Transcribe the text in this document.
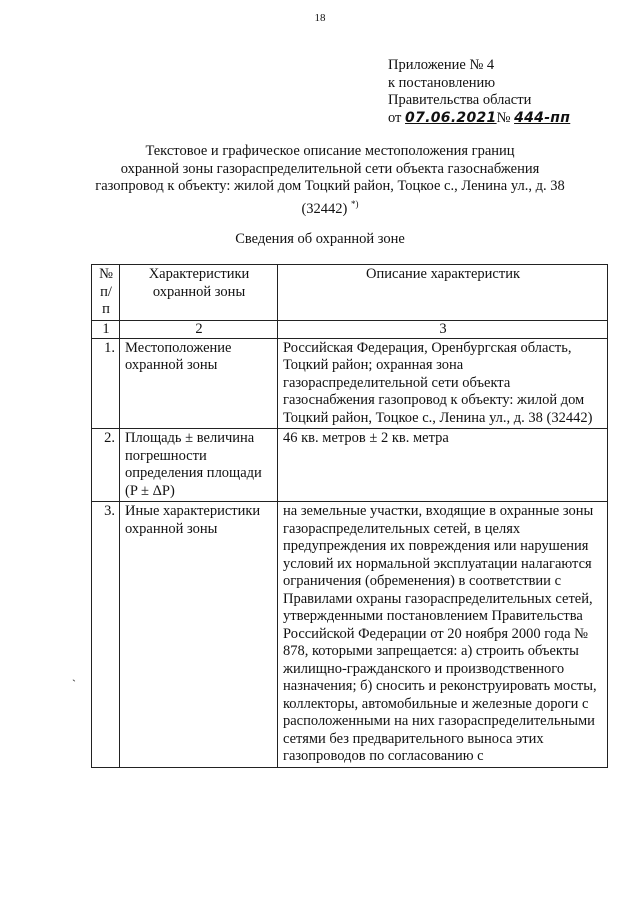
18
Приложение № 4
к постановлению
Правительства области
от 07.06.2021№ 444-пп
Текстовое и графическое описание местоположения границ
охранной зоны газораспределительной сети объекта газоснабжения
газопровод к объекту: жилой дом Тоцкий район, Тоцкое с., Ленина ул., д. 38
(32442) *)
Сведения об охранной зоне
№ п/п	Характеристики охранной зоны	Описание характеристик
1	2	3
1.	Местоположение охранной зоны	Российская Федерация, Оренбургская область, Тоцкий район; охранная зона газораспределительной сети объекта газоснабжения газопровод к объекту: жилой дом Тоцкий район, Тоцкое с., Ленина ул., д. 38 (32442)
2.	Площадь ± величина погрешности определения площади (P ± ΔP)	46 кв. метров ± 2 кв. метра
3.	Иные характеристики охранной зоны	на земельные участки, входящие в охранные зоны газораспределительных сетей, в целях предупреждения их повреждения или нарушения условий их нормальной эксплуатации налагаются ограничения (обременения) в соответствии с Правилами охраны газораспределительных сетей, утвержденными постановлением Правительства Российской Федерации от 20 ноября 2000 года № 878, которыми запрещается: а) строить объекты жилищно-гражданского и производственного назначения; б) сносить и реконструировать мосты, коллекторы, автомобильные и железные дороги с расположенными на них газораспределительными сетями без предварительного выноса этих газопроводов по согласованию с
`
